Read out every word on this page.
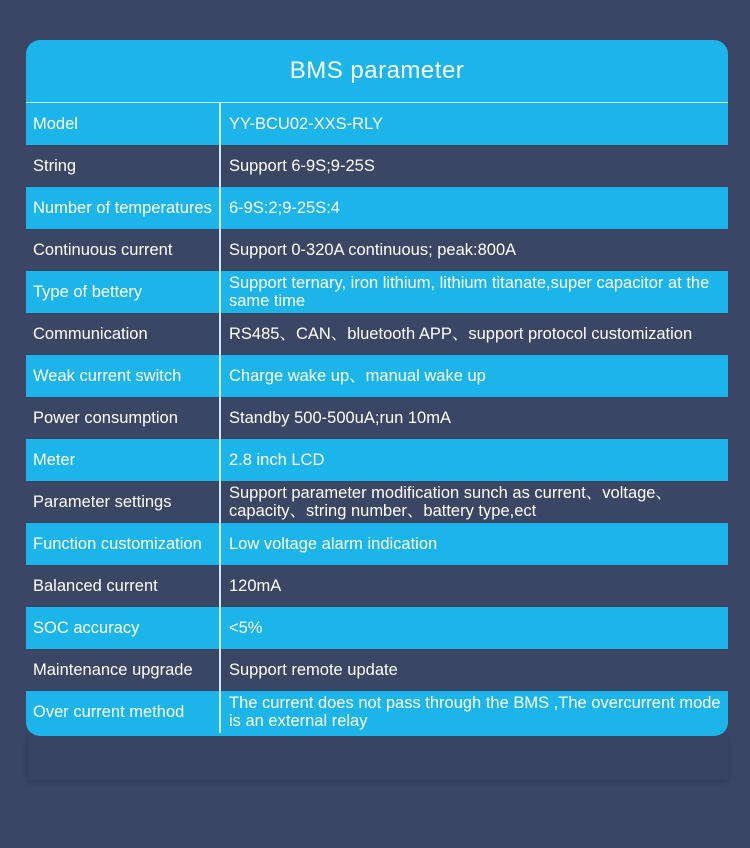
BMS parameter
Model	YY-BCU02-XXS-RLY
String	Support 6-9S;9-25S
Number of temperatures	6-9S:2;9-25S:4
Continuous current	Support 0-320A continuous; peak:800A
Type of bettery	Support ternary, iron lithium, lithium titanate,super capacitor at the same time
Communication	RS485、CAN、bluetooth APP、support protocol customization
Weak current switch	Charge wake up、manual wake up
Power consumption	Standby 500-500uA;run 10mA
Meter	2.8 inch LCD
Parameter settings	Support parameter modification sunch as current、voltage、capacity、string number、battery type,ect
Function customization	Low voltage alarm indication
Balanced current	120mA
SOC accuracy	<5%
Maintenance upgrade	Support remote update
Over current method	The current does not pass through the BMS ,The overcurrent mode is an external relay
